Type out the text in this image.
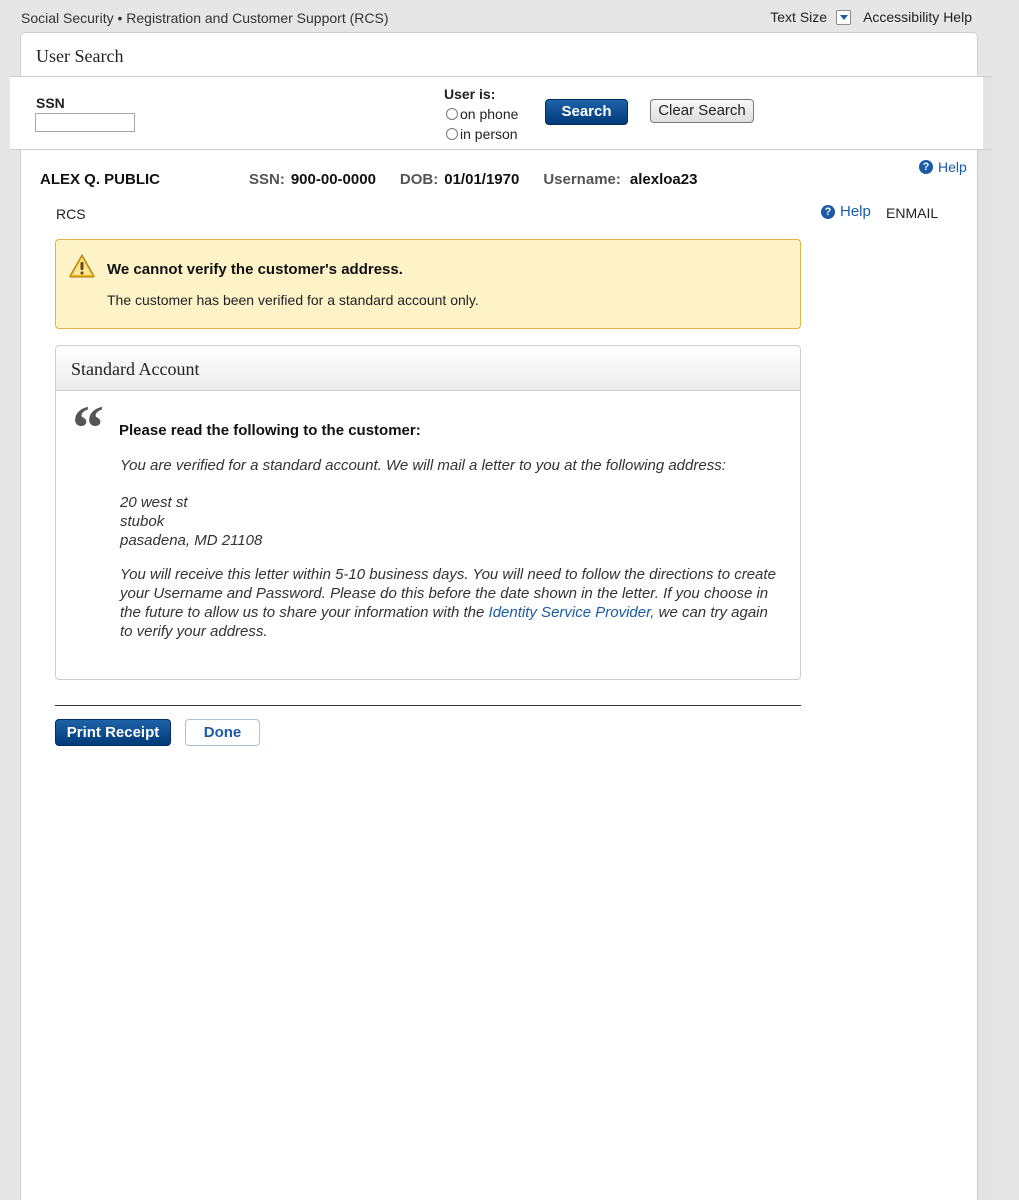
Social Security • Registration and Customer Support (RCS)	Text Size	Accessibility Help
User Search
SSN
User is:
on phone
in person
Search	Clear Search
? Help
ALEX Q. PUBLIC	SSN: 900-00-0000 DOB: 01/01/1970 Username: alexloa23
RCS	? Help ENMAIL
We cannot verify the customer's address.
The customer has been verified for a standard account only.
Standard Account
“ Please read the following to the customer:
You are verified for a standard account. We will mail a letter to you at the following address:
20 west st
stubok
pasadena, MD 21108
You will receive this letter within 5-10 business days. You will need to follow the directions to create your Username and Password. Please do this before the date shown in the letter. If you choose in the future to allow us to share your information with the Identity Service Provider, we can try again to verify your address.
Print Receipt	Done
